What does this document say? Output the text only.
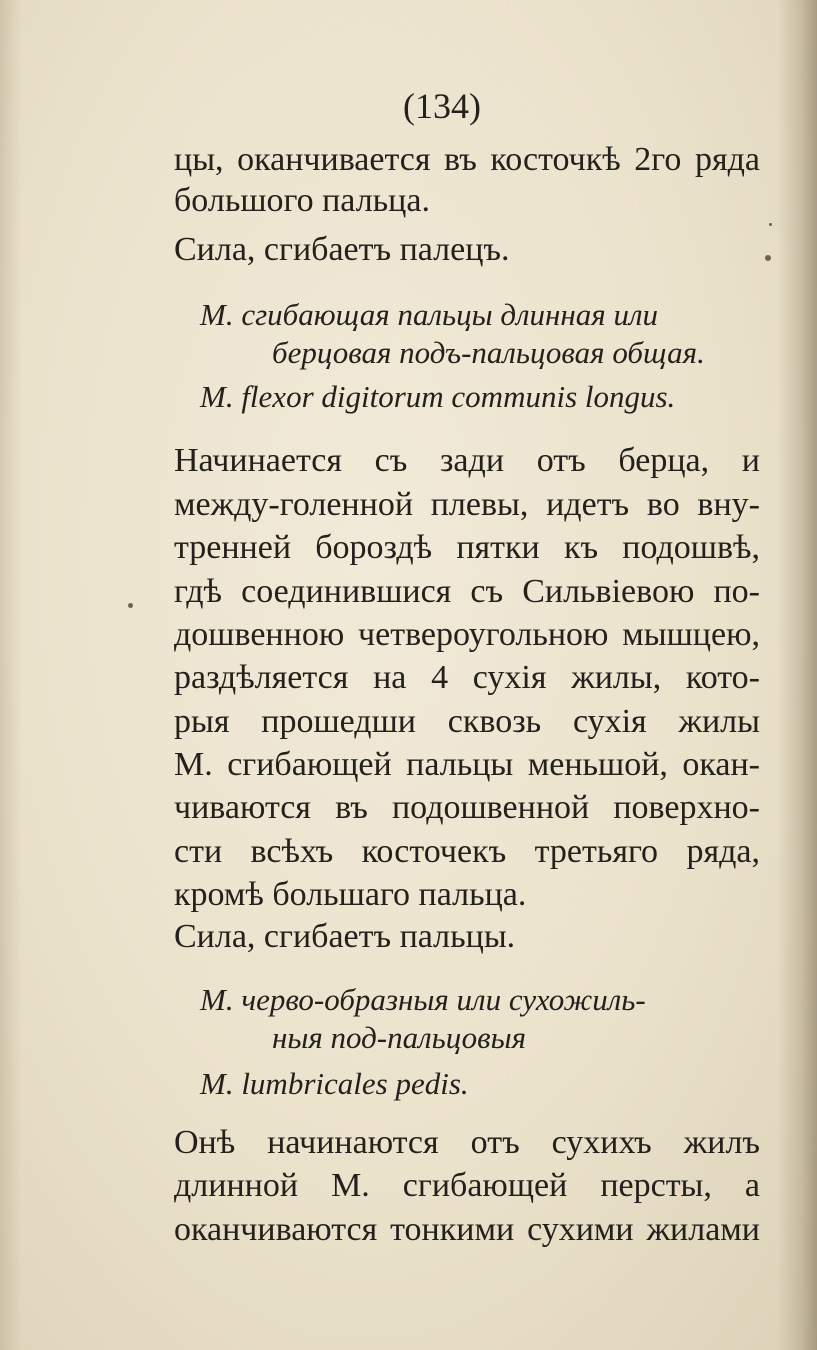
(134)
цы, оканчивается въ косточкѣ 2го ряда
большого пальца.
Сила, сгибаетъ палецъ.
М. сгибающая пальцы длинная или
берцовая подъ-пальцовая общая.
М. flexor digitorum communis longus.
Начинается съ зади отъ берца, и
между-голенной плевы, идетъ во вну-
тренней бороздѣ пятки къ подошвѣ,
гдѣ соединившися съ Сильвіевою по-
дошвенною четвероугольною мышцею,
раздѣляется на 4 сухія жилы, кото-
рыя прошедши сквозь сухія жилы
М. сгибающей пальцы меньшой, окан-
чиваются въ подошвенной поверхно-
сти всѣхъ косточекъ третьяго ряда,
кромѣ большаго пальца.
Сила, сгибаетъ пальцы.
М. черво-образныя или сухожиль-
ныя под-пальцовыя
М. lumbricales pedis.
Онѣ начинаются отъ сухихъ жилъ
длинной М. сгибающей персты, а
оканчиваются тонкими сухими жилами
